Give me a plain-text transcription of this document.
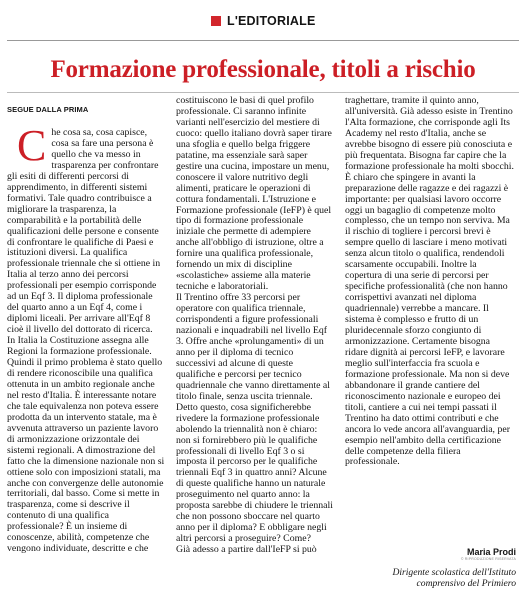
L'EDITORIALE
Formazione professionale, titoli a rischio
SEGUE DALLA PRIMA
C he cosa sa, cosa capisce, cosa sa fare una persona è quello che va messo in trasparenza per confrontare gli esiti di differenti percorsi di apprendimento, in differenti sistemi formativi. Tale quadro contribuisce a migliorare la trasparenza, la comparabilità e la portabilità delle qualificazioni delle persone e consente di confrontare le qualifiche di Paesi e istituzioni diversi. La qualifica professionale triennale che si ottiene in Italia al terzo anno dei percorsi professionali per esempio corrisponde ad un Eqf 3. Il diploma professionale del quarto anno a un Eqf 4, come i diplomi liceali. Per arrivare all'Eqf 8 cioè il livello del dottorato di ricerca.

In Italia la Costituzione assegna alle Regioni la formazione professionale. Quindi il primo problema è stato quello di rendere riconoscibile una qualifica ottenuta in un ambito regionale anche nel resto d'Italia. È interessante notare che tale equivalenza non poteva essere prodotta da un intervento statale, ma è avvenuta attraverso un paziente lavoro di armonizzazione orizzontale dei sistemi regionali. A dimostrazione del fatto che la dimensione nazionale non si ottiene solo con imposizioni statali, ma anche con convergenze delle autonomie territoriali, dal basso. Come si mette in trasparenza, come si descrive il contenuto di una qualifica professionale? È un insieme di conoscenze, abilità, competenze che vengono individuate, descritte e che

costituiscono le basi di quel profilo professionale. Ci saranno infinite varianti nell'esercizio del mestiere di cuoco: quello italiano dovrà saper tirare una sfoglia e quello belga friggere patatine, ma essenziale sarà saper gestire una cucina, impostare un menu, conoscere il valore nutritivo degli alimenti, praticare le operazioni di cottura fondamentali. L'Istruzione e Formazione professionale (IeFP) è quel tipo di formazione professionale iniziale che permette di adempiere anche all'obbligo di istruzione, oltre a fornire una qualifica professionale, fornendo un mix di discipline «scolastiche» assieme alla materie tecniche e laboratoriali.

Il Trentino offre 33 percorsi per operatore con qualifica triennale, corrispondenti a figure professionali nazionali e inquadrabili nel livello Eqf 3. Offre anche «prolungamenti» di un anno per il diploma di tecnico successivi ad alcune di queste qualifiche e percorsi per tecnico quadriennale che vanno direttamente al titolo finale, senza uscita triennale. Detto questo, cosa significherebbe rivedere la formazione professionale abolendo la triennalità non è chiaro: non si fornirebbero più le qualifiche professionali di livello Eqf 3 o si imposta il percorso per le qualifiche triennali Eqf 3 in quattro anni? Alcune di queste qualifiche hanno un naturale proseguimento nel quarto anno: la proposta sarebbe di chiudere le triennali che non possono sboccare nel quarto anno per il diploma? E obbligare negli altri percorsi a proseguire? Come?

Già adesso a partire dall'IeFP si può

traghettare, tramite il quinto anno, all'università. Già adesso esiste in Trentino l'Alta formazione, che corrisponde agli Its Academy nel resto d'Italia, anche se avrebbe bisogno di essere più conosciuta e più frequentata. Bisogna far capire che la formazione professionale ha molti sbocchi.

È chiaro che spingere in avanti la preparazione delle ragazze e dei ragazzi è importante: per qualsiasi lavoro occorre oggi un bagaglio di competenze molto complesso, che un tempo non serviva. Ma il rischio di togliere i percorsi brevi è sempre quello di lasciare i meno motivati senza alcun titolo o qualifica, rendendoli scarsamente occupabili. Inoltre la copertura di una serie di percorsi per specifiche professionalità (che non hanno corrispettivi avanzati nel diploma quadriennale) verrebbe a mancare. Il sistema è complesso e frutto di un pluridecennale sforzo congiunto di armonizzazione. Certamente bisogna ridare dignità ai percorsi IeFP, e lavorare meglio sull'interfaccia fra scuola e formazione professionale. Ma non si deve abbandonare il grande cantiere del riconoscimento nazionale e europeo dei titoli, cantiere a cui nei tempi passati il Trentino ha dato ottimi contributi e che ancora lo vede ancora all'avanguardia, per esempio nell'ambito della certificazione delle competenze della filiera professionale.

Maria Prodi
© RIPRODUZIONE RISERVATA
Dirigente scolastica dell'Istituto
comprensivo del Primiero
